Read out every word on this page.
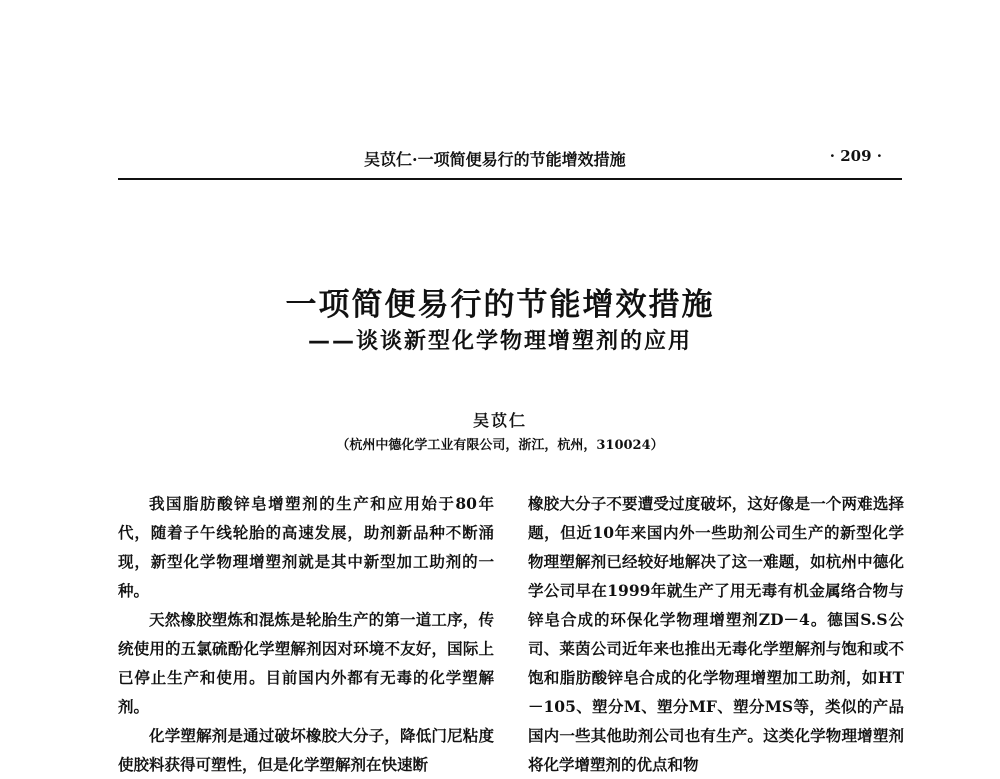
吴苡仁·一项简便易行的节能增效措施	· 209 ·
一项简便易行的节能增效措施
——谈谈新型化学物理增塑剂的应用
吴苡仁
（杭州中德化学工业有限公司，浙江，杭州，310024）

我国脂肪酸锌皂增塑剂的生产和应用始于80年代，随着子午线轮胎的高速发展，助剂新品种不断涌现，新型化学物理增塑剂就是其中新型加工助剂的一种。

天然橡胶塑炼和混炼是轮胎生产的第一道工序，传统使用的五氯硫酚化学塑解剂因对环境不友好，国际上已停止生产和使用。目前国内外都有无毒的化学塑解剂。

化学塑解剂是通过破坏橡胶大分子，降低门尼粘度使胶料获得可塑性，但是化学塑解剂在快速断

橡胶大分子不要遭受过度破坏，这好像是一个两难选择题，但近10年来国内外一些助剂公司生产的新型化学物理塑解剂已经较好地解决了这一难题，如杭州中德化学公司早在1999年就生产了用无毒有机金属络合物与锌皂合成的环保化学物理增塑剂ZD－4。德国S.S公司、莱茵公司近年来也推出无毒化学塑解剂与饱和或不饱和脂肪酸锌皂合成的化学物理增塑加工助剂，如HT－105、塑分M、塑分MF、塑分MS等，类似的产品国内一些其他助剂公司也有生产。这类化学物理增塑剂将化学增塑剂的优点和物
